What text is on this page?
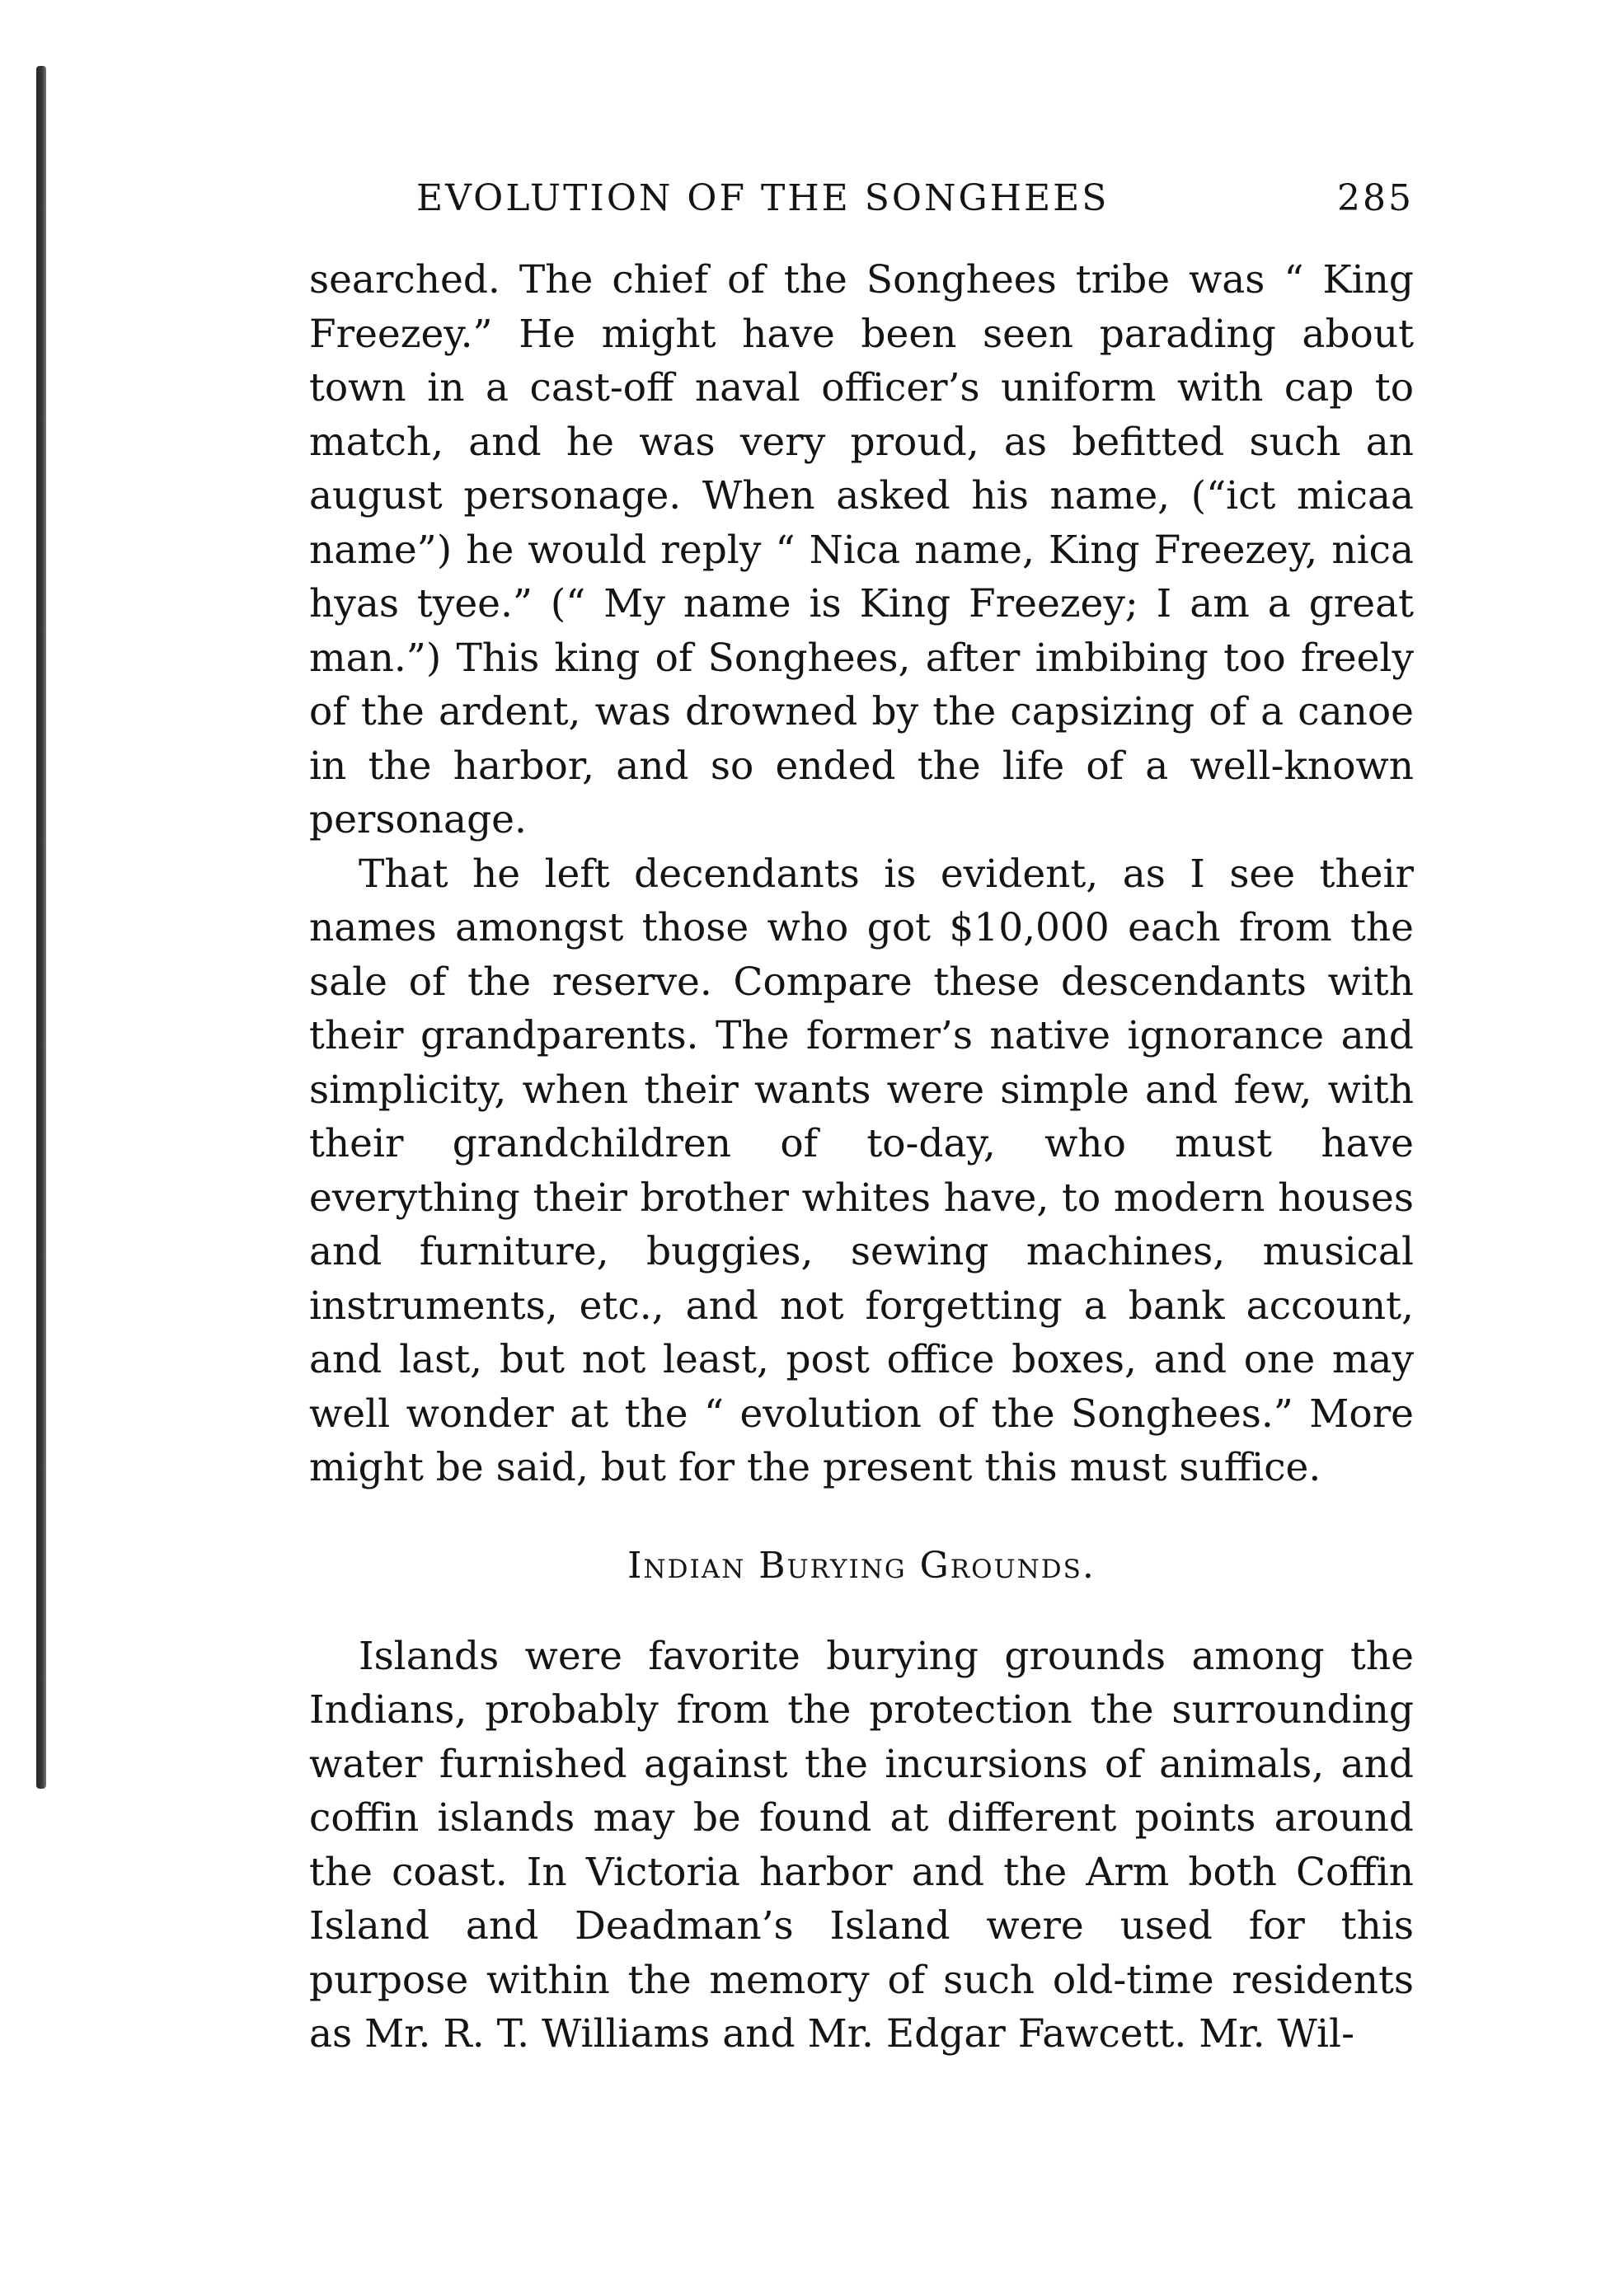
EVOLUTION OF THE SONGHEES	285

searched. The chief of the Songhees tribe was “ King Freezey.” He might have been seen parading about town in a cast-off naval officer’s uniform with cap to match, and he was very proud, as befitted such an august personage. When asked his name, (“ict micaa name”) he would reply “ Nica name, King Freezey, nica hyas tyee.” (“ My name is King Freezey; I am a great man.”) This king of Songhees, after imbibing too freely of the ardent, was drowned by the capsizing of a canoe in the harbor, and so ended the life of a well-known personage.

That he left decendants is evident, as I see their names amongst those who got $10,000 each from the sale of the reserve. Compare these descendants with their grandparents. The former’s native ignorance and simplicity, when their wants were simple and few, with their grandchildren of to-day, who must have everything their brother whites have, to modern houses and furniture, buggies, sewing machines, musical instruments, etc., and not forgetting a bank account, and last, but not least, post office boxes, and one may well wonder at the “ evolution of the Songhees.” More might be said, but for the present this must suffice.

Indian Burying Grounds.

Islands were favorite burying grounds among the Indians, probably from the protection the surrounding water furnished against the incursions of animals, and coffin islands may be found at different points around the coast. In Victoria harbor and the Arm both Coffin Island and Deadman’s Island were used for this purpose within the memory of such old-time residents as Mr. R. T. Williams and Mr. Edgar Fawcett. Mr. Wil-
